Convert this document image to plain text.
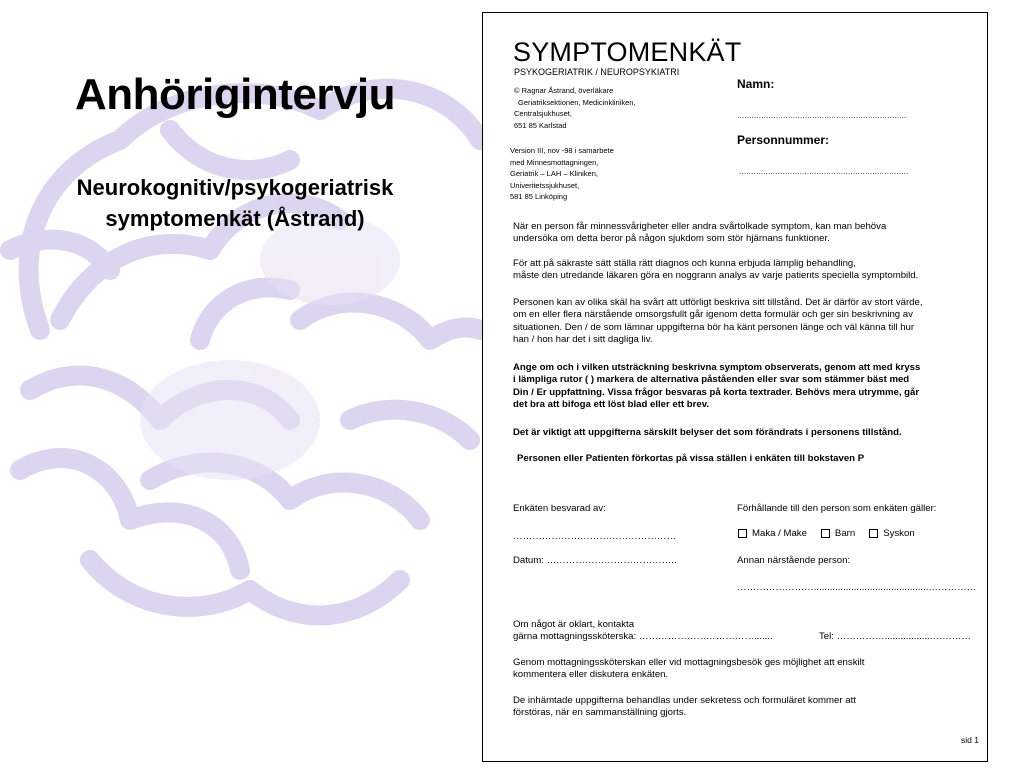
Anhörigintervju
Neurokognitiv/psykogeriatrisk
symptomenkät (Åstrand)
SYMPTOMENKÄT
PSYKOGERIATRIK / NEUROPSYKIATRI
© Ragnar Åstrand, överläkare
Geriatriksektionen, Medicinkliniken,
Centralsjukhuset,
651 85 Karlstad
Version III, nov -98 i samarbete
med Minnesmottagningen,
Geriatrik – LAH – Kliniken,
Univeritetssjukhuset,
581 85 Linköping
Namn:
......................................................................
Personnummer:
......................................................................
När en person får minnessvårigheter eller andra svårtolkade symptom, kan man behöva
undersöka om detta beror på någon sjukdom som stör hjärnans funktioner.
För att på säkraste sätt ställa rätt diagnos och kunna erbjuda lämplig behandling,
måste den utredande läkaren göra en noggrann analys av varje patients speciella symptombild.
Personen kan av olika skäl ha svårt att utförligt beskriva sitt tillstånd. Det är därför av stort värde,
om en eller flera närstående omsorgsfullt går igenom detta formulär och ger sin beskrivning av
situationen. Den / de som lämnar uppgifterna bör ha känt personen länge och väl känna till hur
han / hon har det i sitt dagliga liv.
Ange om och i vilken utsträckning beskrivna symptom observerats, genom att med kryss
i lämpliga rutor ( ) markera de alternativa påståenden eller svar som stämmer bäst med
Din / Er uppfattning. Vissa frågor besvaras på korta textrader. Behövs mera utrymme, går
det bra att bifoga ett löst blad eller ett brev.
Det är viktigt att uppgifterna särskilt belyser det som förändrats i personens tillstånd.
Personen eller Patienten förkortas på vissa ställen i enkäten till bokstaven P
Enkäten besvarad av:
……………………………………………
Förhållande till den person som enkäten gäller:
Maka / Make	Barn	Syskon
Datum: …………………………………..	Annan närstående person:
……………………...........................................……………
Om något är oklart, kontakta
gärna mottagningssköterska: ……………………………….......	Tel: ……………..................…………
Genom mottagningssköterskan eller vid mottagningsbesök ges möjlighet att enskilt
kommentera eller diskutera enkäten.
De inhämtade uppgifterna behandlas under sekretess och formuläret kommer att
förstöras, när en sammanställning gjorts.
sid 1
